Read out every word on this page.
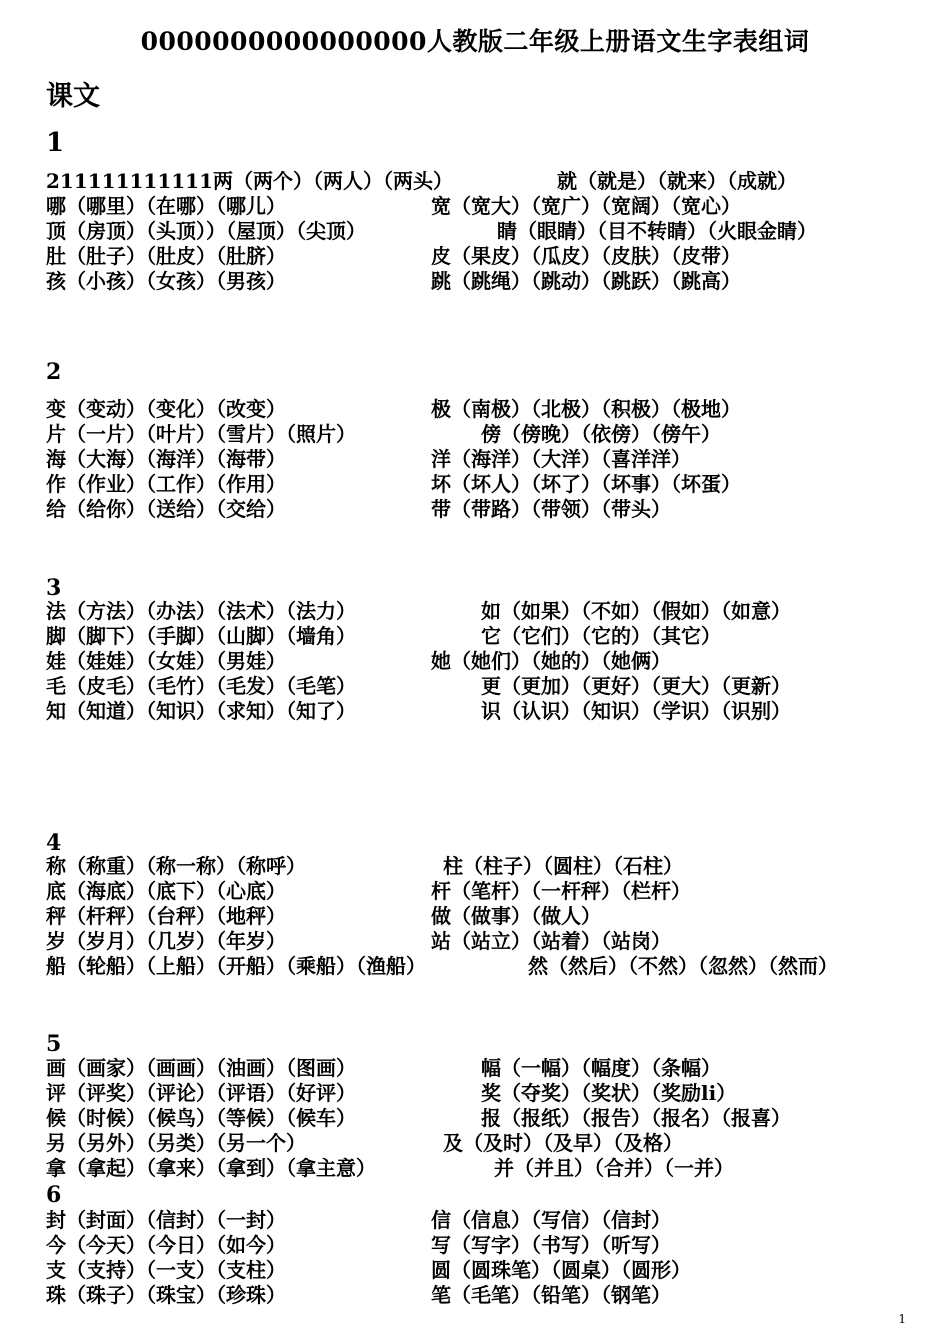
0000000000000000人教版二年级上册语文生字表组词
课文
1
211111111111两（两个）（两人）（两头）	就（就是）（就来）（成就）
哪（哪里）（在哪）（哪儿）	宽（宽大）（宽广）（宽阔）（宽心）
顶（房顶）（头顶））（屋顶）（尖顶）	睛（眼睛）（目不转睛）（火眼金睛）
肚（肚子）（肚皮）（肚脐）	皮（果皮）（瓜皮）（皮肤）（皮带）
孩（小孩）（女孩）（男孩）	跳（跳绳）（跳动）（跳跃）（跳高）
2
变（变动）（变化）（改变）	极（南极）（北极）（积极）（极地）
片（一片）（叶片）（雪片）（照片）	傍（傍晚）（依傍）（傍午）
海（大海）（海洋）（海带）	洋（海洋）（大洋）（喜洋洋）
作（作业）（工作）（作用）	坏（坏人）（坏了）（坏事）（坏蛋）
给（给你）（送给）（交给）	带（带路）（带领）（带头）
3
法（方法）（办法）（法术）（法力）	如（如果）（不如）（假如）（如意）
脚（脚下）（手脚）（山脚）（墙角）	它（它们）（它的）（其它）
娃（娃娃）（女娃）（男娃）	她（她们）（她的）（她俩）
毛（皮毛）（毛竹）（毛发）（毛笔）	更（更加）（更好）（更大）（更新）
知（知道）（知识）（求知）（知了）	识（认识）（知识）（学识）（识别）
4
称（称重）（称一称）（称呼）	柱（柱子）（圆柱）（石柱）
底（海底）（底下）（心底）	杆（笔杆）（一杆秤）（栏杆）
秤（杆秤）（台秤）（地秤）	做（做事）（做人）
岁（岁月）（几岁）（年岁）	站（站立）（站着）（站岗）
船（轮船）（上船）（开船）（乘船）（渔船）	然（然后）（不然）（忽然）（然而）
5
画（画家）（画画）（油画）（图画）	幅（一幅）（幅度）（条幅）
评（评奖）（评论）（评语）（好评）	奖（夺奖）（奖状）（奖励li）
候（时候）（候鸟）（等候）（候车）	报（报纸）（报告）（报名）（报喜）
另（另外）（另类）（另一个）	及（及时）（及早）（及格）
拿（拿起）（拿来）（拿到）（拿主意）	并（并且）（合并）（一并）
6
封（封面）（信封）（一封）	信（信息）（写信）（信封）
今（今天）（今日）（如今）	写（写字）（书写）（听写）
支（支持）（一支）（支柱）	圆（圆珠笔）（圆桌）（圆形）
珠（珠子）（珠宝）（珍珠）	笔（毛笔）（铅笔）（钢笔）
1
